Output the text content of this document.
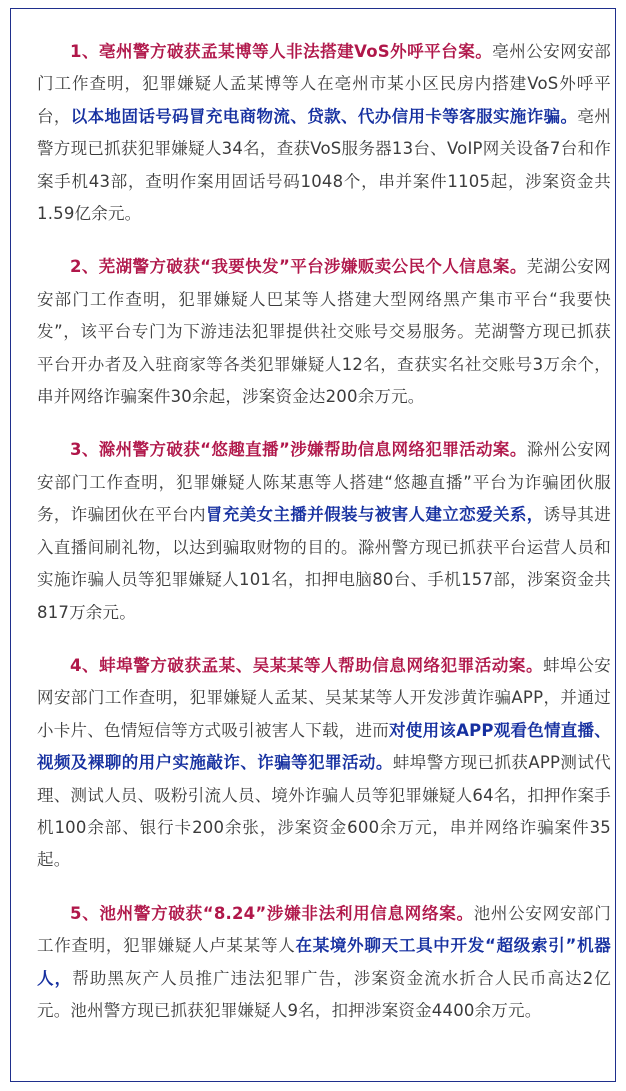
1、亳州警方破获孟某博等人非法搭建VoS外呼平台案。亳州公安网安部门工作查明，犯罪嫌疑人孟某博等人在亳州市某小区民房内搭建VoS外呼平台，以本地固话号码冒充电商物流、贷款、代办信用卡等客服实施诈骗。亳州警方现已抓获犯罪嫌疑人34名，查获VoS服务器13台、VoIP网关设备7台和作案手机43部，查明作案用固话号码1048个，串并案件1105起，涉案资金共1.59亿余元。

2、芜湖警方破获“我要快发”平台涉嫌贩卖公民个人信息案。芜湖公安网安部门工作查明，犯罪嫌疑人巴某等人搭建大型网络黑产集市平台“我要快发”，该平台专门为下游违法犯罪提供社交账号交易服务。芜湖警方现已抓获平台开办者及入驻商家等各类犯罪嫌疑人12名，查获实名社交账号3万余个，串并网络诈骗案件30余起，涉案资金达200余万元。

3、滁州警方破获“悠趣直播”涉嫌帮助信息网络犯罪活动案。滁州公安网安部门工作查明，犯罪嫌疑人陈某惠等人搭建“悠趣直播”平台为诈骗团伙服务，诈骗团伙在平台内冒充美女主播并假装与被害人建立恋爱关系，诱导其进入直播间刷礼物，以达到骗取财物的目的。滁州警方现已抓获平台运营人员和实施诈骗人员等犯罪嫌疑人101名，扣押电脑80台、手机157部，涉案资金共817万余元。

4、蚌埠警方破获孟某、吴某某等人帮助信息网络犯罪活动案。蚌埠公安网安部门工作查明，犯罪嫌疑人孟某、吴某某等人开发涉黄诈骗APP，并通过小卡片、色情短信等方式吸引被害人下载，进而对使用该APP观看色情直播、视频及裸聊的用户实施敲诈、诈骗等犯罪活动。蚌埠警方现已抓获APP测试代理、测试人员、吸粉引流人员、境外诈骗人员等犯罪嫌疑人64名，扣押作案手机100余部、银行卡200余张，涉案资金600余万元，串并网络诈骗案件35起。

5、池州警方破获“8.24”涉嫌非法利用信息网络案。池州公安网安部门工作查明，犯罪嫌疑人卢某某等人在某境外聊天工具中开发“超级索引”机器人，帮助黑灰产人员推广违法犯罪广告，涉案资金流水折合人民币高达2亿元。池州警方现已抓获犯罪嫌疑人9名，扣押涉案资金4400余万元。
